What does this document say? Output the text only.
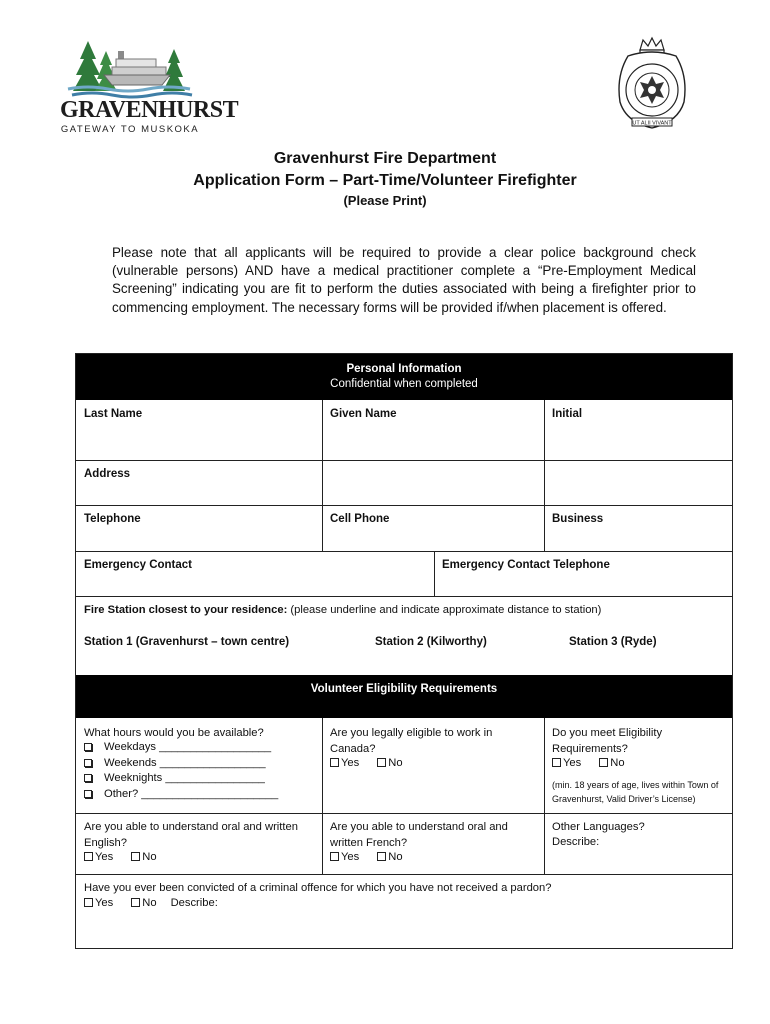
GRAVENHURST
GATEWAY TO MUSKOKA
UT ALII VIVANT
Gravenhurst Fire Department
Application Form – Part-Time/Volunteer Firefighter
(Please Print)
Please note that all applicants will be required to provide a clear police background check (vulnerable persons) AND have a medical practitioner complete a “Pre-Employment Medical Screening” indicating you are fit to perform the duties associated with being a firefighter prior to commencing employment. The necessary forms will be provided if/when placement is offered.
Personal Information
Confidential when completed
Last Name	Given Name	Initial
Address
Telephone	Cell Phone	Business
Emergency Contact	Emergency Contact Telephone
Fire Station closest to your residence: (please underline and indicate approximate distance to station)
Station 1 (Gravenhurst – town centre)	Station 2 (Kilworthy)	Station 3 (Ryde)
Volunteer Eligibility Requirements
What hours would you be available?
Weekdays __________________
Weekends _________________
Weeknights ________________
Other? ______________________
Are you legally eligible to work in Canada?
Yes	No
Do you meet Eligibility Requirements?
Yes	No
(min. 18 years of age, lives within Town of Gravenhurst, Valid Driver’s License)
Are you able to understand oral and written English?
Yes	No
Are you able to understand oral and written French?
Yes	No
Other Languages?
Describe:
Have you ever been convicted of a criminal offence for which you have not received a pardon?
Yes	No Describe:
